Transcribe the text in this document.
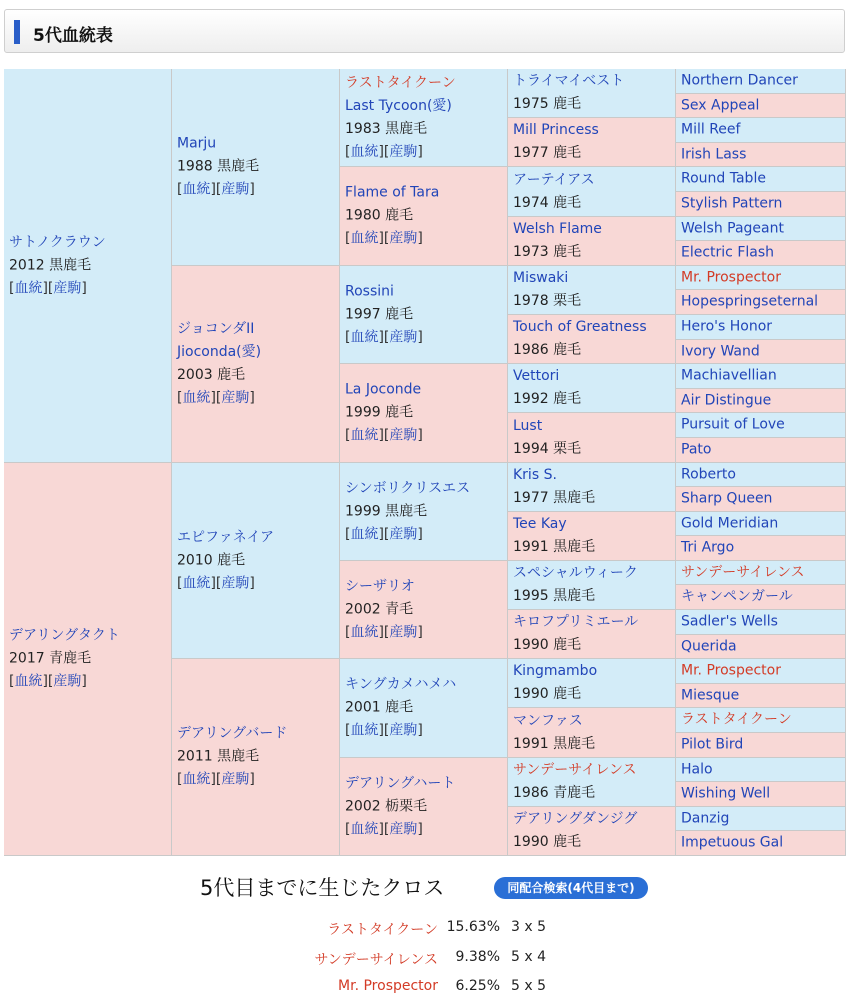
5代血統表
サトノクラウン
2012 黒鹿毛
[血統][産駒]
デアリングタクト
2017 青鹿毛
[血統][産駒]
Marju
1988 黒鹿毛
[血統][産駒]
ジョコンダII
Jioconda(愛)
2003 鹿毛
[血統][産駒]
エピファネイア
2010 鹿毛
[血統][産駒]
デアリングバード
2011 黒鹿毛
[血統][産駒]
ラストタイクーン
Last Tycoon(愛)
1983 黒鹿毛
[血統][産駒]
Flame of Tara
1980 鹿毛
[血統][産駒]
Rossini
1997 鹿毛
[血統][産駒]
La Joconde
1999 鹿毛
[血統][産駒]
シンボリクリスエス
1999 黒鹿毛
[血統][産駒]
シーザリオ
2002 青毛
[血統][産駒]
キングカメハメハ
2001 鹿毛
[血統][産駒]
デアリングハート
2002 栃栗毛
[血統][産駒]
トライマイベスト
1975 鹿毛
Mill Princess
1977 鹿毛
アーテイアス
1974 鹿毛
Welsh Flame
1973 鹿毛
Miswaki
1978 栗毛
Touch of Greatness
1986 鹿毛
Vettori
1992 鹿毛
Lust
1994 栗毛
Kris S.
1977 黒鹿毛
Tee Kay
1991 黒鹿毛
スペシャルウィーク
1995 黒鹿毛
キロフプリミエール
1990 鹿毛
Kingmambo
1990 鹿毛
マンファス
1991 黒鹿毛
サンデーサイレンス
1986 青鹿毛
デアリングダンジグ
1990 鹿毛
Northern Dancer
Sex Appeal
Mill Reef
Irish Lass
Round Table
Stylish Pattern
Welsh Pageant
Electric Flash
Mr. Prospector
Hopespringseternal
Hero's Honor
Ivory Wand
Machiavellian
Air Distingue
Pursuit of Love
Pato
Roberto
Sharp Queen
Gold Meridian
Tri Argo
サンデーサイレンス
キャンペンガール
Sadler's Wells
Querida
Mr. Prospector
Miesque
ラストタイクーン
Pilot Bird
Halo
Wishing Well
Danzig
Impetuous Gal
5代目までに生じたクロス	同配合検索(4代目まで)
ラストタイクーン 15.63% 3 x 5
サンデーサイレンス 9.38% 5 x 4
Mr. Prospector 6.25% 5 x 5
